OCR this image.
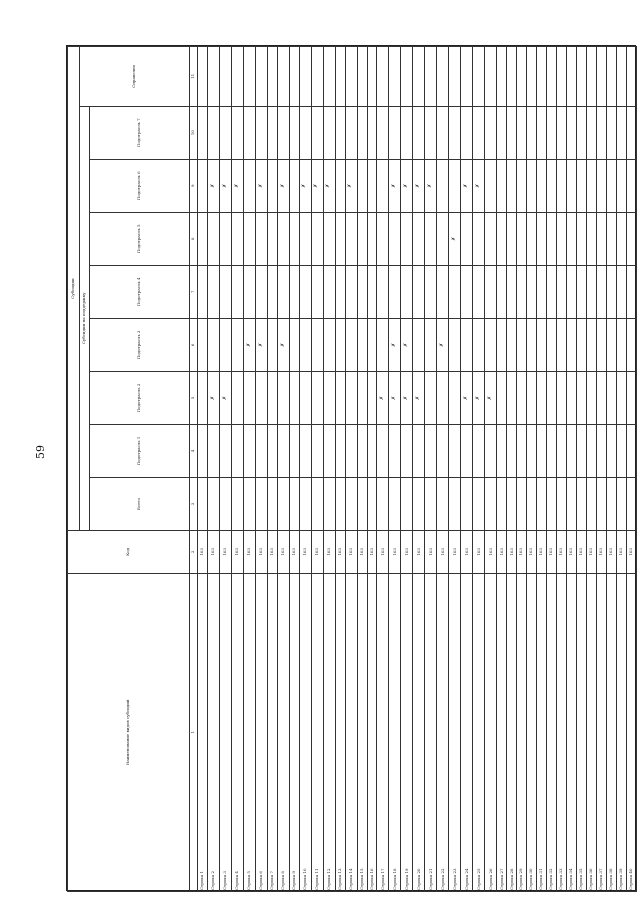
59
Наименование видов субсидий	Код	Субсидии								
		Субсидии на поддержку								Справочно
		Всего	Подотрасль 1	Подотрасль 2	Подотрасль 3	Подотрасль 4	Подотрасль 5	Подотрасль 6	Подотрасль 7	
1	2	3	4	5	6	7	8	9	10	11
Строка 1	103									
Строка 2	103			✗				✗		
Строка 3	103			✗				✗		
Строка 4	103							✗		
Строка 5	103				✗					
Строка 6	103				✗			✗		
Строка 7	103									
Строка 8	103				✗			✗		
Строка 9	103									
Строка 10	103							✗		
Строка 11	103							✗		
Строка 12	103							✗		
Строка 13	103									
Строка 14	103							✗		
Строка 15	103									
Строка 16	103									
Строка 17	103			✗						
Строка 18	103			✗	✗			✗		
Строка 19	103			✗	✗			✗		
Строка 20	103			✗				✗		
Строка 21	103							✗		
Строка 22	103				✗					
Строка 23	103						✗			
Строка 24	103			✗				✗		
Строка 25	103			✗				✗		
Строка 26	103			✗						
Строка 27	103									
Строка 28	103									
Строка 29	103									
Строка 30	103									
Строка 31	103									
Строка 32	103									
Строка 33	103									
Строка 34	103									
Строка 35	103									
Строка 36	103									
Строка 37	103									
Строка 38	103									
Строка 39	103									
Строка 40	103									
